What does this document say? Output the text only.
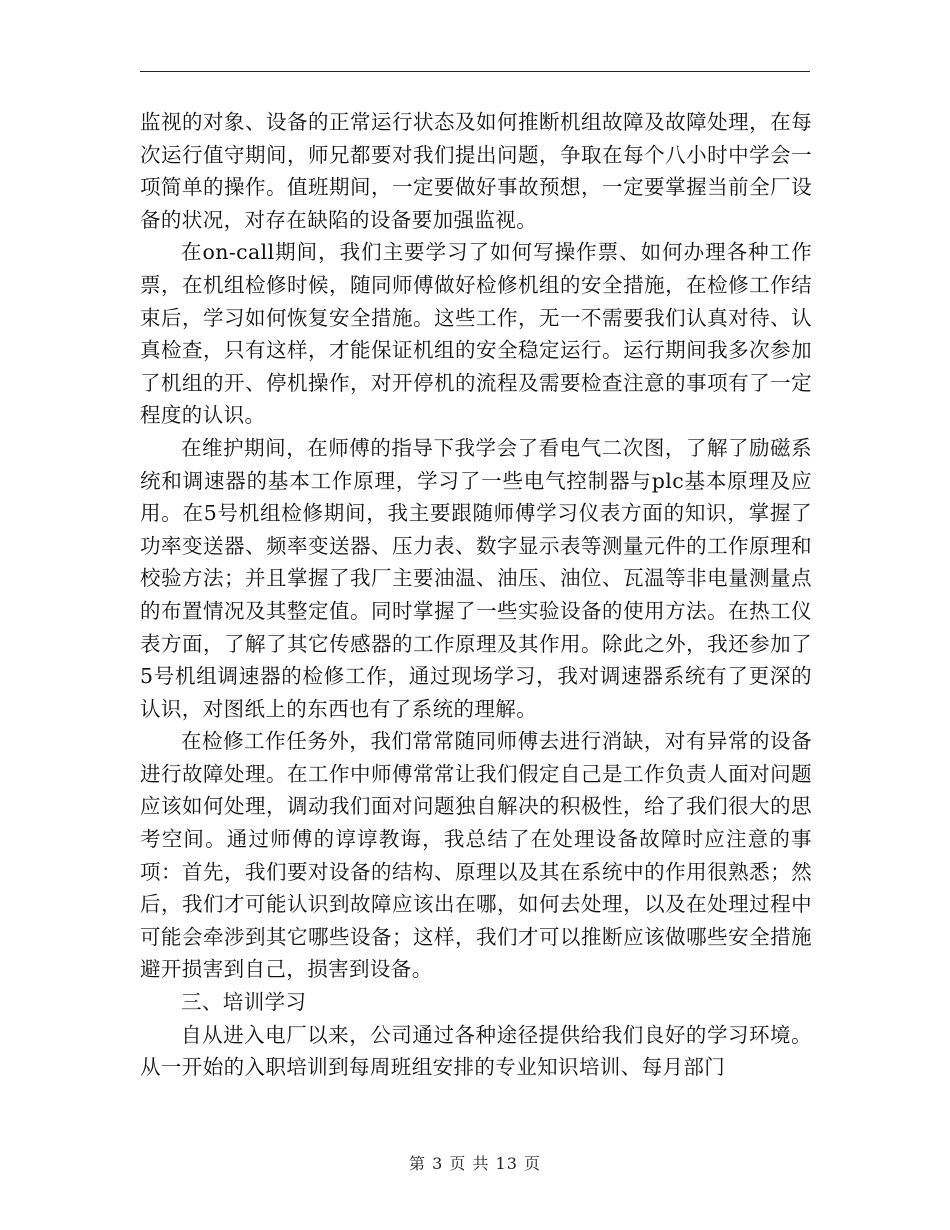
监视的对象、设备的正常运行状态及如何推断机组故障及故障处理，在每次运行值守期间，师兄都要对我们提出问题，争取在每个八小时中学会一项简单的操作。值班期间，一定要做好事故预想，一定要掌握当前全厂设备的状况，对存在缺陷的设备要加强监视。

在on-call期间，我们主要学习了如何写操作票、如何办理各种工作票，在机组检修时候，随同师傅做好检修机组的安全措施，在检修工作结束后，学习如何恢复安全措施。这些工作，无一不需要我们认真对待、认真检查，只有这样，才能保证机组的安全稳定运行。运行期间我多次参加了机组的开、停机操作，对开停机的流程及需要检查注意的事项有了一定程度的认识。

在维护期间，在师傅的指导下我学会了看电气二次图，了解了励磁系统和调速器的基本工作原理，学习了一些电气控制器与plc基本原理及应用。在5号机组检修期间，我主要跟随师傅学习仪表方面的知识，掌握了功率变送器、频率变送器、压力表、数字显示表等测量元件的工作原理和校验方法；并且掌握了我厂主要油温、油压、油位、瓦温等非电量测量点的布置情况及其整定值。同时掌握了一些实验设备的使用方法。在热工仪表方面，了解了其它传感器的工作原理及其作用。除此之外，我还参加了5号机组调速器的检修工作，通过现场学习，我对调速器系统有了更深的认识，对图纸上的东西也有了系统的理解。

在检修工作任务外，我们常常随同师傅去进行消缺，对有异常的设备进行故障处理。在工作中师傅常常让我们假定自己是工作负责人面对问题应该如何处理，调动我们面对问题独自解决的积极性，给了我们很大的思考空间。通过师傅的谆谆教诲，我总结了在处理设备故障时应注意的事项：首先，我们要对设备的结构、原理以及其在系统中的作用很熟悉；然后，我们才可能认识到故障应该出在哪，如何去处理，以及在处理过程中可能会牵涉到其它哪些设备；这样，我们才可以推断应该做哪些安全措施避开损害到自己，损害到设备。

三、培训学习

自从进入电厂以来，公司通过各种途径提供给我们良好的学习环境。从一开始的入职培训到每周班组安排的专业知识培训、每月部门

第 3 页 共 13 页
